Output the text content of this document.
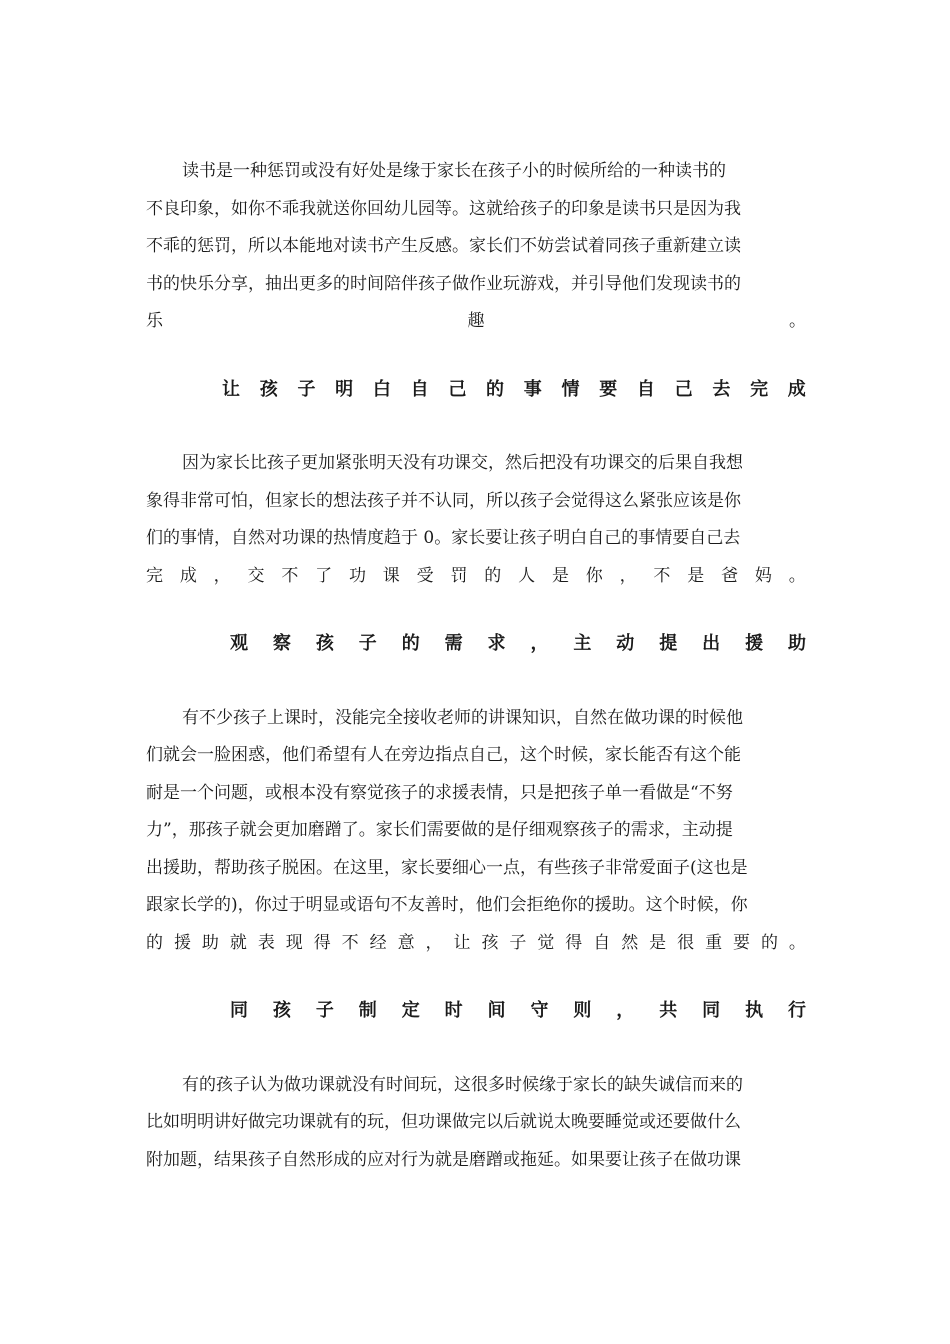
读书是一种惩罚或没有好处是缘于家长在孩子小的时候所给的一种读书的
不良印象，如你不乖我就送你回幼儿园等。这就给孩子的印象是读书只是因为我
不乖的惩罚，所以本能地对读书产生反感。家长们不妨尝试着同孩子重新建立读
书的快乐分享，抽出更多的时间陪伴孩子做作业玩游戏，并引导他们发现读书的
乐	趣	。
让 孩 子 明 白 自 己 的 事 情 要 自 己 去 完 成
因为家长比孩子更加紧张明天没有功课交，然后把没有功课交的后果自我想
象得非常可怕，但家长的想法孩子并不认同，所以孩子会觉得这么紧张应该是你
们的事情，自然对功课的热情度趋于 0。家长要让孩子明白自己的事情要自己去
完 成 ， 交 不 了 功 课 受 罚 的 人 是 你 ， 不 是 爸 妈 。
观 察 孩 子 的 需 求 ， 主 动 提 出 援 助
有不少孩子上课时，没能完全接收老师的讲课知识，自然在做功课的时候他
们就会一脸困惑，他们希望有人在旁边指点自己，这个时候，家长能否有这个能
耐是一个问题，或根本没有察觉孩子的求援表情，只是把孩子单一看做是“不努
力”，那孩子就会更加磨蹭了。家长们需要做的是仔细观察孩子的需求，主动提
出援助，帮助孩子脱困。在这里，家长要细心一点，有些孩子非常爱面子(这也是
跟家长学的)，你过于明显或语句不友善时，他们会拒绝你的援助。这个时候，你
的 援 助 就 表 现 得 不 经 意 ， 让 孩 子 觉 得 自 然 是 很 重 要 的 。
同 孩 子 制 定 时 间 守 则 ， 共 同 执 行
有的孩子认为做功课就没有时间玩，这很多时候缘于家长的缺失诚信而来的
比如明明讲好做完功课就有的玩，但功课做完以后就说太晚要睡觉或还要做什么
附加题，结果孩子自然形成的应对行为就是磨蹭或拖延。如果要让孩子在做功课
